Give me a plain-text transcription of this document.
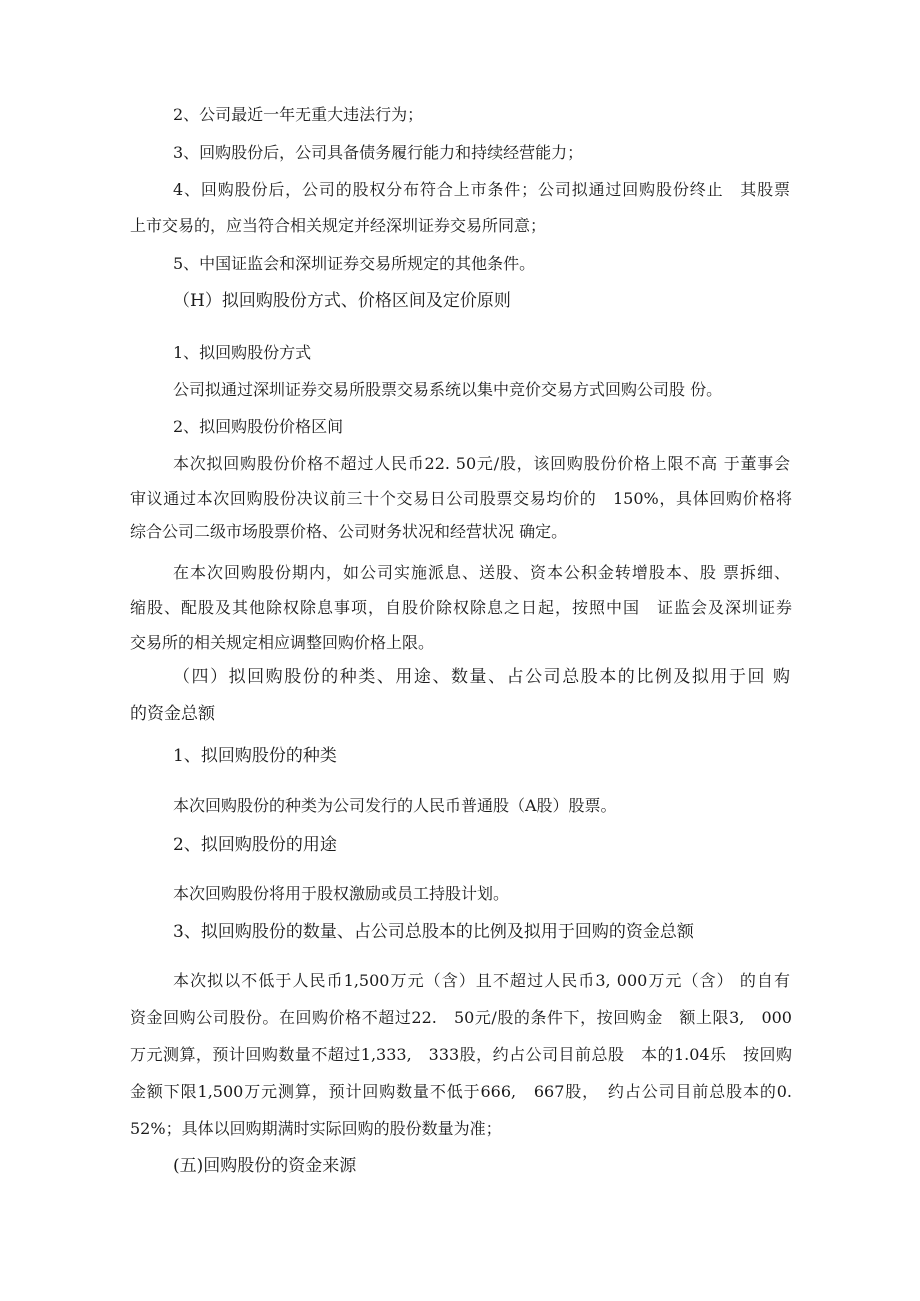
2、公司最近一年无重大违法行为；
3、回购股份后，公司具备债务履行能力和持续经营能力；
4、回购股份后，公司的股权分布符合上市条件；公司拟通过回购股份终止　其股票
上市交易的，应当符合相关规定并经深圳证券交易所同意；
5、中国证监会和深圳证券交易所规定的其他条件。
（H）拟回购股份方式、价格区间及定价原则
1、拟回购股份方式
公司拟通过深圳证券交易所股票交易系统以集中竞价交易方式回购公司股 份。
2、拟回购股份价格区间
本次拟回购股份价格不超过人民币22. 50元/股，该回购股份价格上限不高 于董事会
审议通过本次回购股份决议前三十个交易日公司股票交易均价的　150%，具体回购价格将
综合公司二级市场股票价格、公司财务状况和经营状况 确定。
在本次回购股份期内，如公司实施派息、送股、资本公积金转增股本、股 票拆细、
缩股、配股及其他除权除息事项，自股价除权除息之日起，按照中国　证监会及深圳证券
交易所的相关规定相应调整回购价格上限。
（四）拟回购股份的种类、用途、数量、占公司总股本的比例及拟用于回 购
的资金总额
1、拟回购股份的种类
本次回购股份的种类为公司发行的人民币普通股（A股）股票。
2、拟回购股份的用途
本次回购股份将用于股权激励或员工持股计划。
3、拟回购股份的数量、占公司总股本的比例及拟用于回购的资金总额
本次拟以不低于人民币1,500万元（含）且不超过人民币3, 000万元（含） 的自有
资金回购公司股份。在回购价格不超过22.　50元/股的条件下，按回购金　额上限3,　000
万元测算，预计回购数量不超过1,333,　333股，约占公司目前总股　本的1.04乐　按回购
金额下限1,500万元测算，预计回购数量不低于666,　667股，　约占公司目前总股本的0.
52%；具体以回购期满时实际回购的股份数量为准；
(五)回购股份的资金来源
